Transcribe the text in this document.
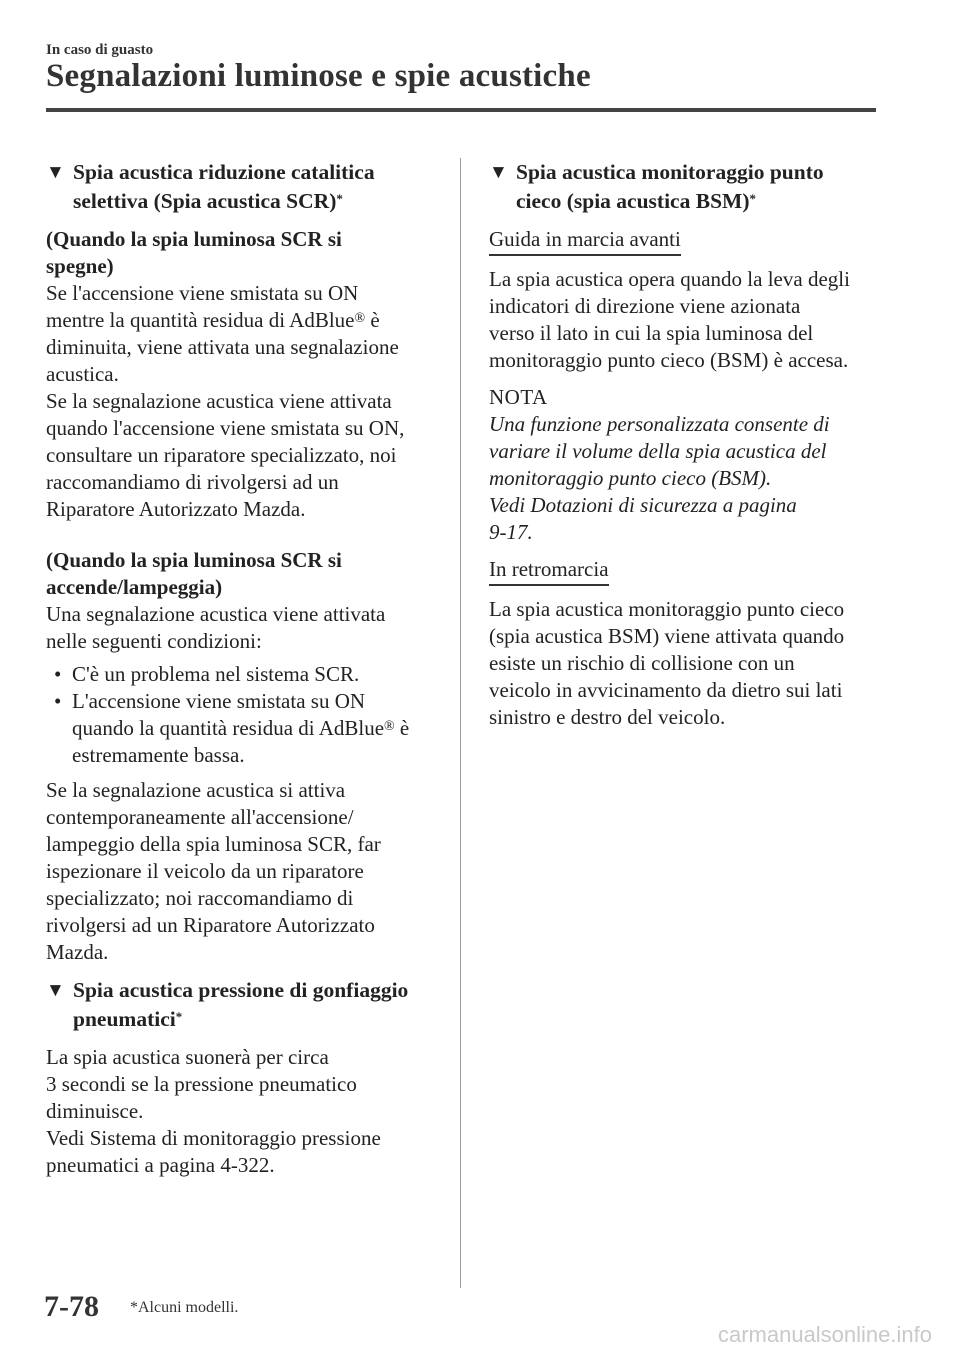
In caso di guasto
Segnalazioni luminose e spie acustiche
▼ Spia acustica riduzione catalitica
selettiva (Spia acustica SCR)*

(Quando la spia luminosa SCR si

spegne)

Se l'accensione viene smistata su ON

mentre la quantità residua di AdBlue® è

diminuita, viene attivata una segnalazione

acustica.

Se la segnalazione acustica viene attivata

quando l'accensione viene smistata su ON,

consultare un riparatore specializzato, noi

raccomandiamo di rivolgersi ad un

Riparatore Autorizzato Mazda.

(Quando la spia luminosa SCR si

accende/lampeggia)

Una segnalazione acustica viene attivata

nelle seguenti condizioni:

• C'è un problema nel sistema SCR.
• L'accensione viene smistata su ON
quando la quantità residua di AdBlue® è
estremamente bassa.

Se la segnalazione acustica si attiva

contemporaneamente all'accensione/

lampeggio della spia luminosa SCR, far

ispezionare il veicolo da un riparatore

specializzato; noi raccomandiamo di

rivolgersi ad un Riparatore Autorizzato

Mazda.

▼ Spia acustica pressione di gonfiaggio
pneumatici*

La spia acustica suonerà per circa

3 secondi se la pressione pneumatico

diminuisce.

Vedi Sistema di monitoraggio pressione

pneumatici a pagina 4-322.

▼ Spia acustica monitoraggio punto
cieco (spia acustica BSM)*
Guida in marcia avanti

La spia acustica opera quando la leva degli

indicatori di direzione viene azionata

verso il lato in cui la spia luminosa del

monitoraggio punto cieco (BSM) è accesa.

NOTA

Una funzione personalizzata consente di

variare il volume della spia acustica del

monitoraggio punto cieco (BSM).

Vedi Dotazioni di sicurezza a pagina

9-17.

In retromarcia

La spia acustica monitoraggio punto cieco

(spia acustica BSM) viene attivata quando

esiste un rischio di collisione con un

veicolo in avvicinamento da dietro sui lati

sinistro e destro del veicolo.

7-78 *Alcuni modelli.
carmanualsonline.info
